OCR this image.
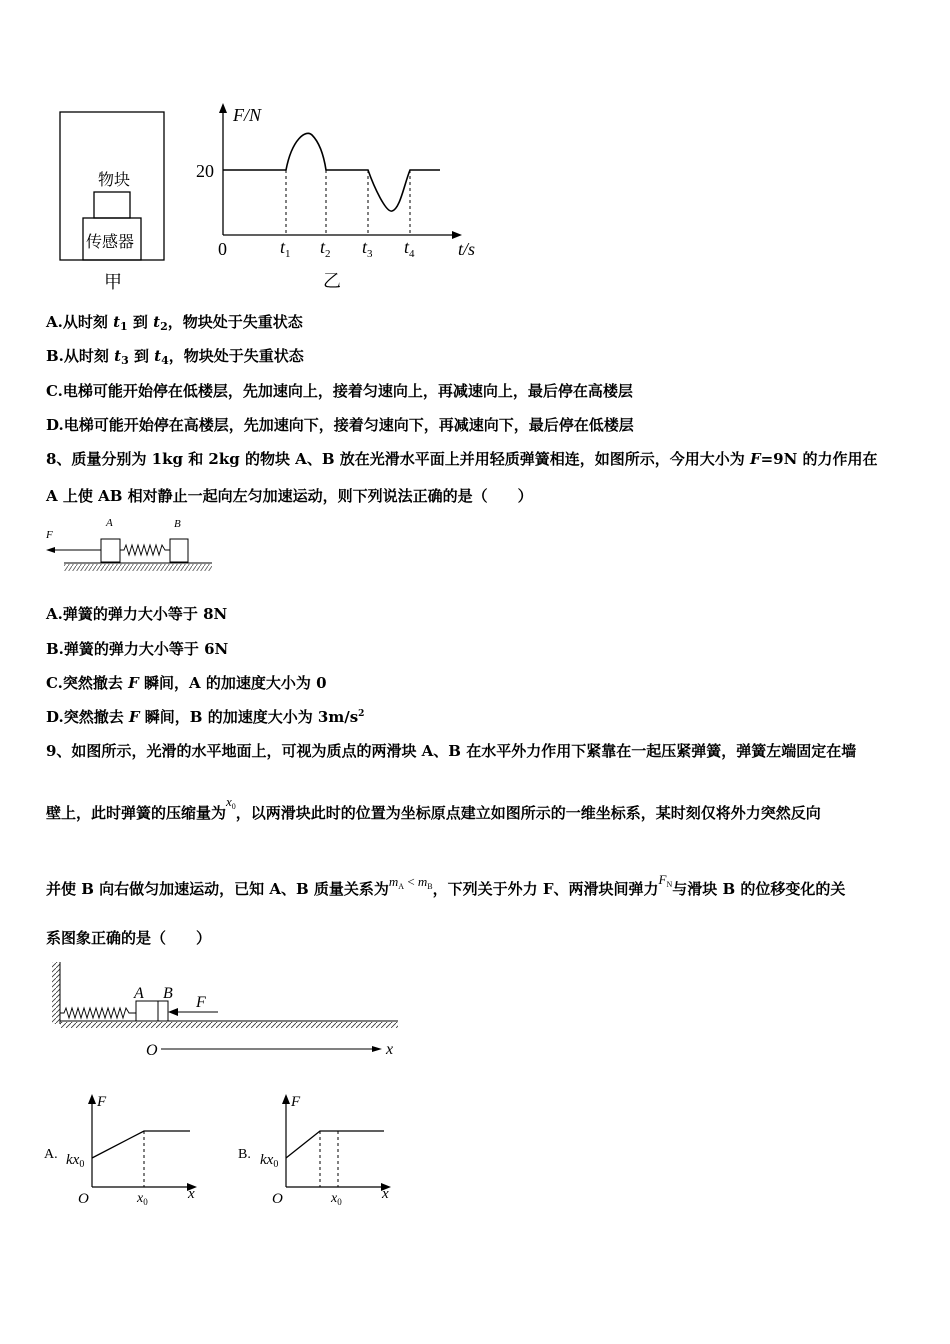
物块
传感器
甲
F/N
20
0	t/s
$t_1$ $t_2$ $t_3$ $t_4$
乙
A.从时刻 $t_1$ 到 $t_2$，物块处于失重状态
B.从时刻 $t_3$ 到 $t_4$，物块处于失重状态
C.电梯可能开始停在低楼层，先加速向上，接着匀速向上，再减速向上，最后停在高楼层
D.电梯可能开始停在高楼层，先加速向下，接着匀速向下，再减速向下，最后停在低楼层
8、质量分别为 1kg 和 2kg 的物块 A、B 放在光滑水平面上并用轻质弹簧相连，如图所示，今用大小为 F=9N 的力作用在
A 上使 AB 相对静止一起向左匀加速运动，则下列说法正确的是（　　）
F
A	B
A.弹簧的弹力大小等于 8N
B.弹簧的弹力大小等于 6N
C.突然撤去 F 瞬间，A 的加速度大小为 0
D.突然撤去 F 瞬间，B 的加速度大小为 $3m/s^2$
9、如图所示，光滑的水平地面上，可视为质点的两滑块 A、B 在水平外力作用下紧靠在一起压紧弹簧，弹簧左端固定在墙
壁上，此时弹簧的压缩量为$x_0$，以两滑块此时的位置为坐标原点建立如图所示的一维坐标系，某时刻仅将外力突然反向
并使 B 向右做匀加速运动，已知 A、B 质量关系为$m_A < m_B$，下列关于外力 F、两滑块间弹力$F_N$与滑块 B 的位移变化的关
系图象正确的是（　　）
A B
F
O	x
A.
F
$kx_0$
O	$x_0$	x
B.
F
$kx_0$
O	$x_0$	x
